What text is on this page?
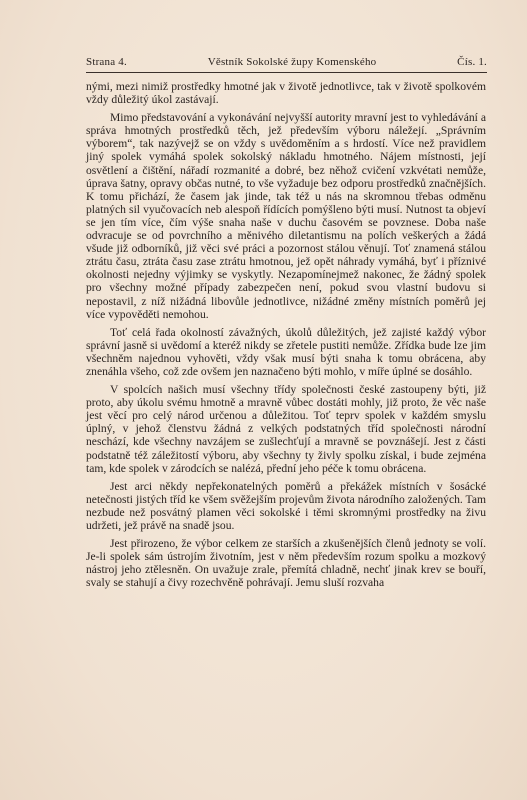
Strana 4.	Věstník Sokolské župy Komenského	Čís. 1.

nými, mezi nimiž prostředky hmotné jak v životě jednotlivce, tak v životě spolkovém vždy důležitý úkol zastávají.

Mimo představování a vykonávání nejvyšší autority mravní jest to vyhledávání a správa hmotných prostředků těch, jež především výboru náležejí. „Správním výborem“, tak nazývejž se on vždy s uvědoměním a s hrdostí. Více než pravidlem jiný spolek vymáhá spolek sokolský nákladu hmotného. Nájem místnosti, její osvětlení a čištění, nářadí rozmanité a dobré, bez něhož cvičení vzkvétati nemůže, úprava šatny, opravy občas nutné, to vše vyžaduje bez odporu prostředků značnějších. K tomu přichází, že časem jak jinde, tak též u nás na skromnou třebas odměnu platných sil vyučovacích neb alespoň řídících pomýšleno býti musí. Nutnost ta objeví se jen tím více, čím výše snaha naše v duchu časovém se povznese. Doba naše odvracuje se od povrchního a měnivého diletantismu na polích veškerých a žádá všude již odborníků, již věci své práci a pozornost stálou věnují. Toť znamená stálou ztrátu času, ztráta času zase ztrátu hmotnou, jež opět náhrady vymáhá, byť i příznivé okolnosti nejedny výjimky se vyskytly. Nezapomínejmež nakonec, že žádný spolek pro všechny možné případy zabezpečen není, pokud svou vlastní budovu si nepostavil, z níž nižádná libovůle jednotlivce, nižádné změny místních poměrů jej více vypověděti nemohou.

Toť celá řada okolností závažných, úkolů důležitých, jež zajisté každý výbor správní jasně si uvědomí a kteréž nikdy se zřetele pustiti nemůže. Zřídka bude lze jim všechněm najednou vyhověti, vždy však musí býti snaha k tomu obrácena, aby znenáhla všeho, což zde ovšem jen naznačeno býti mohlo, v míře úplné se dosáhlo.

V spolcích našich musí všechny třídy společnosti české zastoupeny býti, již proto, aby úkolu svému hmotně a mravně vůbec dostáti mohly, již proto, že věc naše jest věcí pro celý národ určenou a důležitou. Toť teprv spolek v každém smyslu úplný, v jehož členstvu žádná z velkých podstatných tříd společnosti národní neschází, kde všechny navzájem se zušlechťují a mravně se povznášejí. Jest z části podstatně též záležitostí výboru, aby všechny ty živly spolku získal, i bude zejména tam, kde spolek v zárodcích se nalézá, přední jeho péče k tomu obrácena.

Jest arci někdy nepřekonatelných poměrů a překážek místních v šosácké netečnosti jistých tříd ke všem svěžejším projevům života národního založených. Tam nezbude než posvátný plamen věci sokolské i těmi skromnými prostředky na živu udržeti, jež právě na snadě jsou.

Jest přirozeno, že výbor celkem ze starších a zkušenějších členů jednoty se volí. Je-li spolek sám ústrojím životním, jest v něm především rozum spolku a mozkový nástroj jeho ztělesněn. On uvažuje zrale, přemítá chladně, nechť jinak krev se bouří, svaly se stahují a čivy rozechvěně pohrávají. Jemu sluší rozvaha
